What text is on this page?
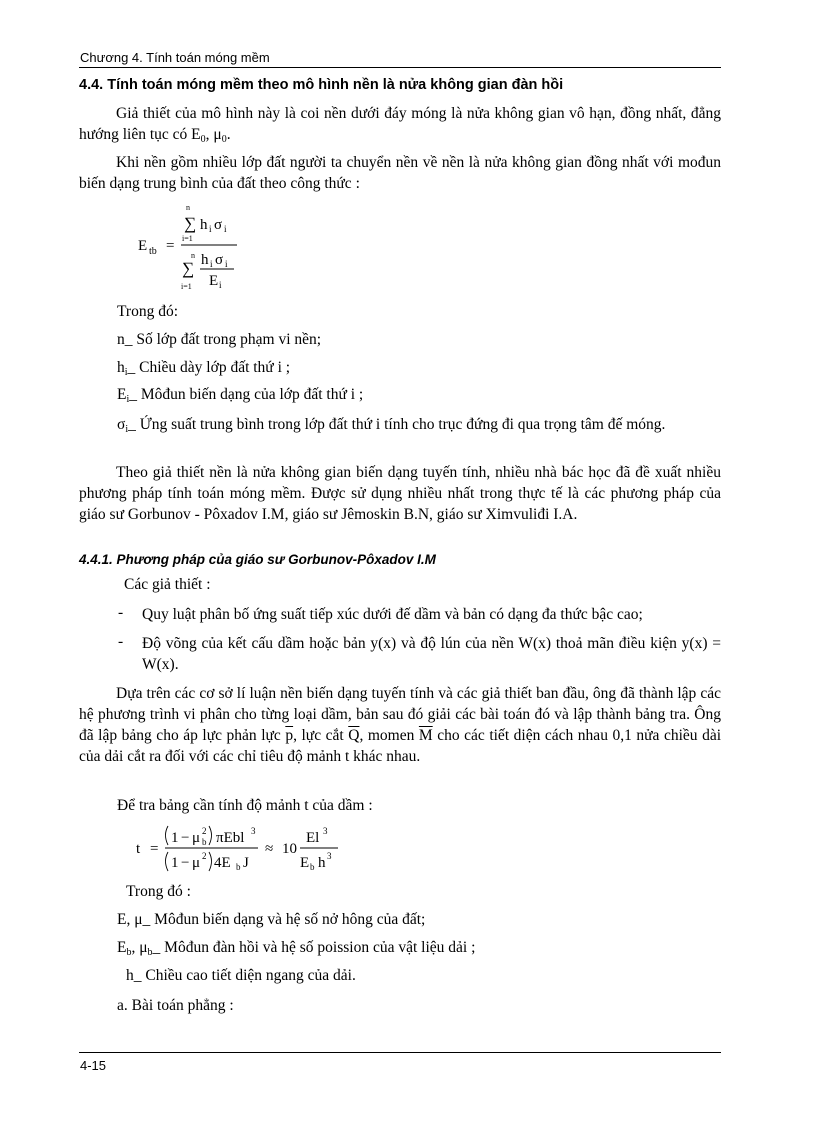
Chương 4. Tính toán móng mềm
4.4. Tính toán móng mềm theo mô hình nền là nửa không gian đàn hồi
Giả thiết của mô hình này là coi nền dưới đáy móng là nửa không gian vô hạn, đồng nhất, đẳng hướng liên tục có $E_0$, $\mu_0$.
Khi nền gồm nhiều lớp đất người ta chuyển nền về nền là nửa không gian đồng nhất với mođun biến dạng trung bình của đất theo công thức :
E tb =
n
∑
i=1
h i σ i
n
∑
i=1
h i σ i
E i
Trong đó:
n_ Số lớp đất trong phạm vi nền;
$h_i\_$ Chiều dày lớp đất thứ i ;
$E_i\_$ Môđun biến dạng của lớp đất thứ i ;
$\sigma_i\_$ Ứng suất trung bình trong lớp đất thứ i tính cho trục đứng đi qua trọng tâm đế móng.
Theo giả thiết nền là nửa không gian biến dạng tuyến tính, nhiều nhà bác học đã đề xuất nhiều phương pháp tính toán móng mềm. Được sử dụng nhiều nhất trong thực tế là các phương pháp của giáo sư Gorbunov - Pôxadov I.M, giáo sư Jêmoskin B.N, giáo sư Ximvuliđi I.A.
4.4.1. Phương pháp của giáo sư Gorbunov-Pôxadov I.M
Các giả thiết :
- Quy luật phân bố ứng suất tiếp xúc dưới đế dầm và bản có dạng đa thức bậc cao;
- Độ võng của kết cấu dầm hoặc bản y(x) và độ lún của nền W(x) thoả mãn điều kiện y(x) = W(x).
Dựa trên các cơ sở lí luận nền biến dạng tuyến tính và các giả thiết ban đầu, ông đã thành lập các hệ phương trình vi phân cho từng loại dầm, bản sau đó giải các bài toán đó và lập thành bảng tra. Ông đã lập bảng cho áp lực phản lực $\overline{p}$, lực cắt $\overline{Q}$, momen $\overline{M}$ cho các tiết diện cách nhau 0,1 nửa chiều dài của dải cắt ra đối với các chỉ tiêu độ mảnh t khác nhau.
Để tra bảng cần tính độ mảnh t của dầm :
t =
1 − μ 2
b πEbl 3
1 − μ 2 4E b J
≈ 10
El 3
E b h 3
Trong đó :
E, μ_ Môđun biến dạng và hệ số nở hông của đất;
$E_b$, $\mu_b\_$ Môđun đàn hồi và hệ số poission của vật liệu dải ;
h_ Chiều cao tiết diện ngang của dải.
a. Bài toán phẳng :
4-15
